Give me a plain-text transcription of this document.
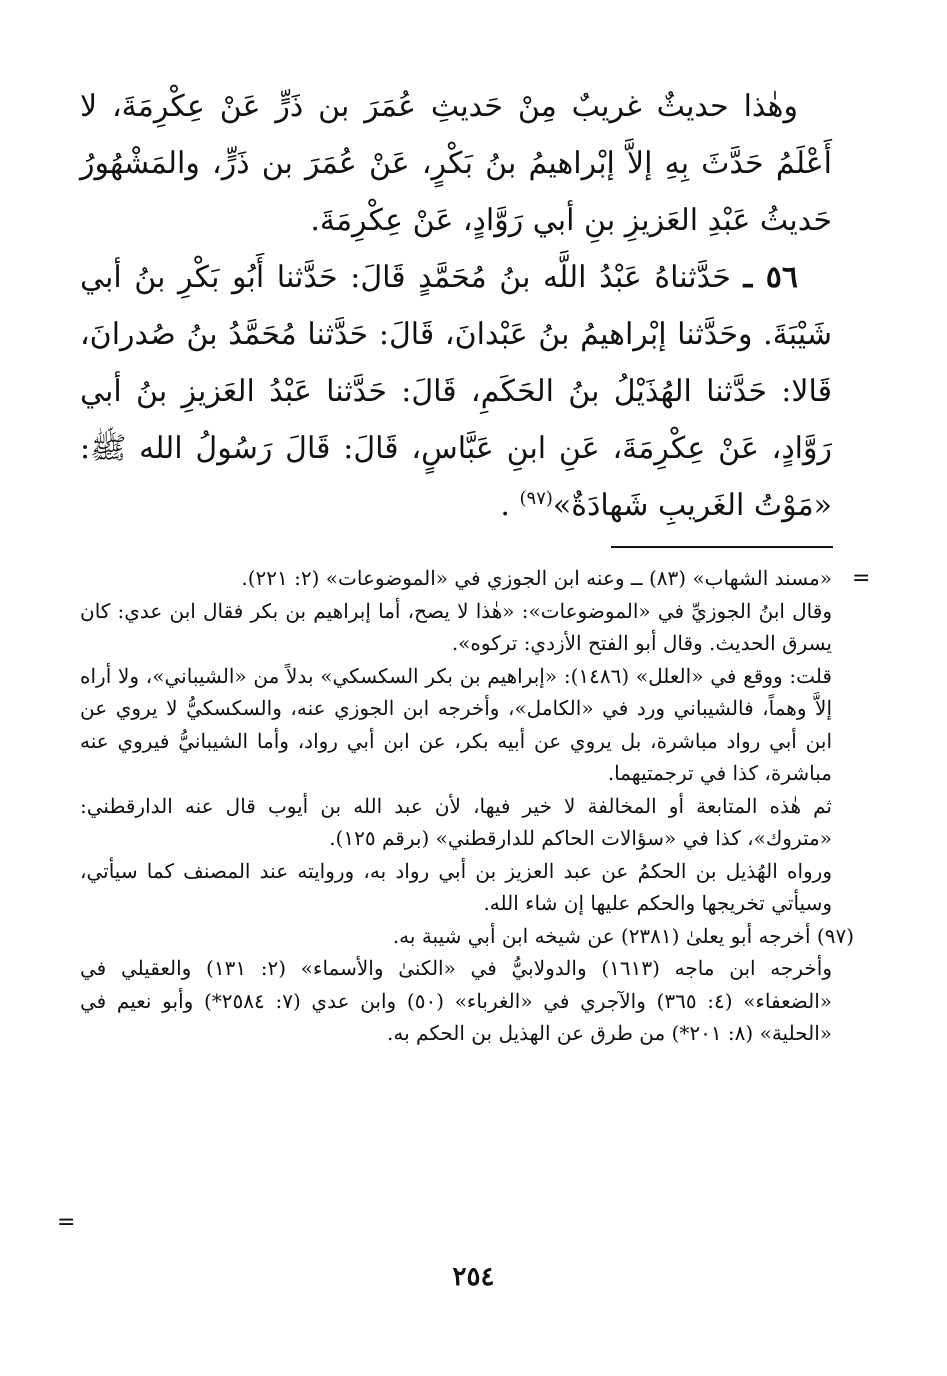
وهٰذا حديثٌ غريبٌ مِنْ حَديثِ عُمَرَ بن ذَرٍّ عَنْ عِكْرِمَةَ، لا أَعْلَمُ حَدَّثَ بِهِ إلاَّ إبْراهيمُ بنُ بَكْرٍ، عَنْ عُمَرَ بن ذَرٍّ، والمَشْهُورُ حَديثُ عَبْدِ العَزيزِ بنِ أبي رَوَّادٍ، عَنْ عِكْرِمَةَ.

٥٦ ـ حَدَّثناهُ عَبْدُ اللَّه بنُ مُحَمَّدٍ قَالَ: حَدَّثنا أَبُو بَكْرِ بنُ أبي شَيْبَةَ. وحَدَّثنا إبْراهيمُ بنُ عَبْدانَ، قَالَ: حَدَّثنا مُحَمَّدُ بنُ صُدرانَ، قَالا: حَدَّثنا الهُذَيْلُ بنُ الحَكَمِ، قَالَ: حَدَّثنا عَبْدُ العَزيزِ بنُ أبي رَوَّادٍ، عَنْ عِكْرِمَةَ، عَنِ ابنِ عَبَّاسٍ، قَالَ: قَالَ رَسُولُ الله ﷺ: «مَوْتُ الغَريبِ شَهادَةٌ»$^{(٩٧)}$ .

=

«مسند الشهاب» (٨٣) ــ وعنه ابن الجوزي في «الموضوعات» (٢: ٢٢١).

وقال ابنُ الجوزيِّ في «الموضوعات»: «هٰذا لا يصح، أما إبراهيم بن بكر فقال ابن عدي: كان يسرق الحديث. وقال أبو الفتح الأزدي: تركوه».

قلت: ووقع في «العلل» (١٤٨٦): «إبراهيم بن بكر السكسكي» بدلاً من «الشيباني»، ولا أراه إلاَّ وهماً، فالشيباني ورد في «الكامل»، وأخرجه ابن الجوزي عنه، والسكسكيُّ لا يروي عن ابن أبي رواد مباشرة، بل يروي عن أبيه بكر، عن ابن أبي رواد، وأما الشيبانيُّ فيروي عنه مباشرة، كذا في ترجمتيهما.

ثم هٰذه المتابعة أو المخالفة لا خير فيها، لأن عبد الله بن أيوب قال عنه الدارقطني: «متروك»، كذا في «سؤالات الحاكم للدارقطني» (برقم ١٢٥).

ورواه الهُذيل بن الحكمُ عن عبد العزيز بن أبي رواد به، وروايته عند المصنف كما سيأتي، وسيأتي تخريجها والحكم عليها إن شاء الله.

(٩٧) أخرجه أبو يعلىٰ (٢٣٨١) عن شيخه ابن أبي شيبة به.

وأخرجه ابن ماجه (١٦١٣) والدولابيُّ في «الكنىٰ والأسماء» (٢: ١٣١) والعقيلي في «الضعفاء» (٤: ٣٦٥) والآجري في «الغرباء» (٥٠) وابن عدي (٧: ٢٥٨٤*) وأبو نعيم في «الحلية» (٨: ٢٠١*) من طرق عن الهذيل بن الحكم به.

=
٢٥٤
